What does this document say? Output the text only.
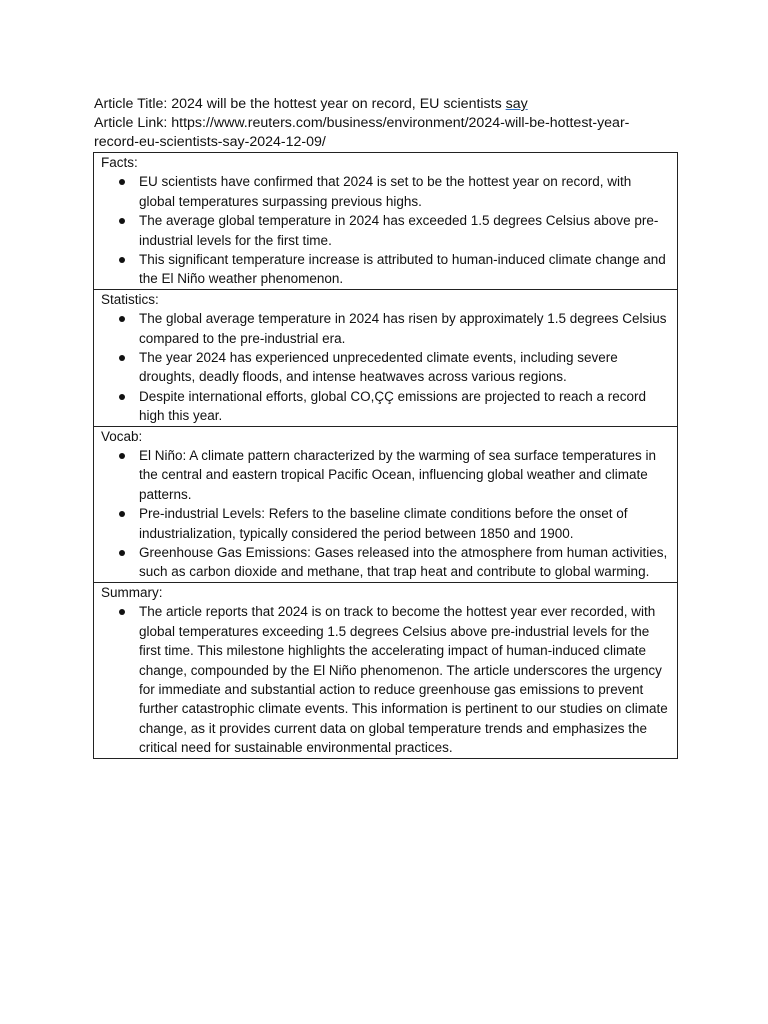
Article Title: 2024 will be the hottest year on record, EU scientists say
Article Link: https://www.reuters.com/business/environment/2024-will-be-hottest-year-
record-eu-scientists-say-2024-12-09/
Facts:
EU scientists have confirmed that 2024 is set to be the hottest year on record, with global temperatures surpassing previous highs.
The average global temperature in 2024 has exceeded 1.5 degrees Celsius above pre-industrial levels for the first time.
This significant temperature increase is attributed to human-induced climate change and the El Niño weather phenomenon.
Statistics:
The global average temperature in 2024 has risen by approximately 1.5 degrees Celsius compared to the pre-industrial era.
The year 2024 has experienced unprecedented climate events, including severe droughts, deadly floods, and intense heatwaves across various regions.
Despite international efforts, global CO,ÇÇ emissions are projected to reach a record high this year.
Vocab:
El Niño: A climate pattern characterized by the warming of sea surface temperatures in the central and eastern tropical Pacific Ocean, influencing global weather and climate patterns.
Pre-industrial Levels: Refers to the baseline climate conditions before the onset of industrialization, typically considered the period between 1850 and 1900.
Greenhouse Gas Emissions: Gases released into the atmosphere from human activities, such as carbon dioxide and methane, that trap heat and contribute to global warming.
Summary:
The article reports that 2024 is on track to become the hottest year ever recorded, with global temperatures exceeding 1.5 degrees Celsius above pre-industrial levels for the first time. This milestone highlights the accelerating impact of human-induced climate change, compounded by the El Niño phenomenon. The article underscores the urgency for immediate and substantial action to reduce greenhouse gas emissions to prevent further catastrophic climate events. This information is pertinent to our studies on climate change, as it provides current data on global temperature trends and emphasizes the critical need for sustainable environmental practices.
